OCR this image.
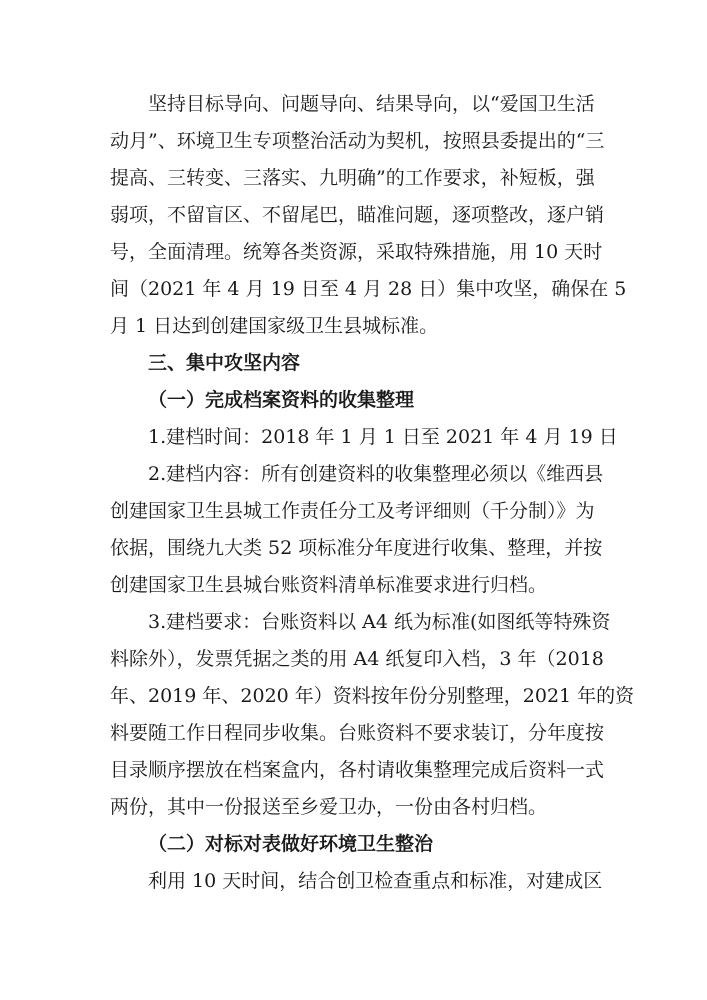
坚持目标导向、问题导向、结果导向，以“爱国卫生活
动月”、环境卫生专项整治活动为契机，按照县委提出的“三
提高、三转变、三落实、九明确”的工作要求，补短板，强
弱项，不留盲区、不留尾巴，瞄准问题，逐项整改，逐户销
号，全面清理。统筹各类资源，采取特殊措施，用 10 天时
间（2021 年 4 月 19 日至 4 月 28 日）集中攻坚，确保在 5
月 1 日达到创建国家级卫生县城标准。
三、集中攻坚内容
（一）完成档案资料的收集整理
1.建档时间：2018 年 1 月 1 日至 2021 年 4 月 19 日
2.建档内容：所有创建资料的收集整理必须以《维西县
创建国家卫生县城工作责任分工及考评细则（千分制）》为
依据，围绕九大类 52 项标准分年度进行收集、整理，并按
创建国家卫生县城台账资料清单标准要求进行归档。
3.建档要求：台账资料以 A4 纸为标准(如图纸等特殊资
料除外），发票凭据之类的用 A4 纸复印入档，3 年（2018
年、2019 年、2020 年）资料按年份分别整理，2021 年的资
料要随工作日程同步收集。台账资料不要求装订，分年度按
目录顺序摆放在档案盒内，各村请收集整理完成后资料一式
两份，其中一份报送至乡爱卫办，一份由各村归档。
（二）对标对表做好环境卫生整治
利用 10 天时间，结合创卫检查重点和标准，对建成区
